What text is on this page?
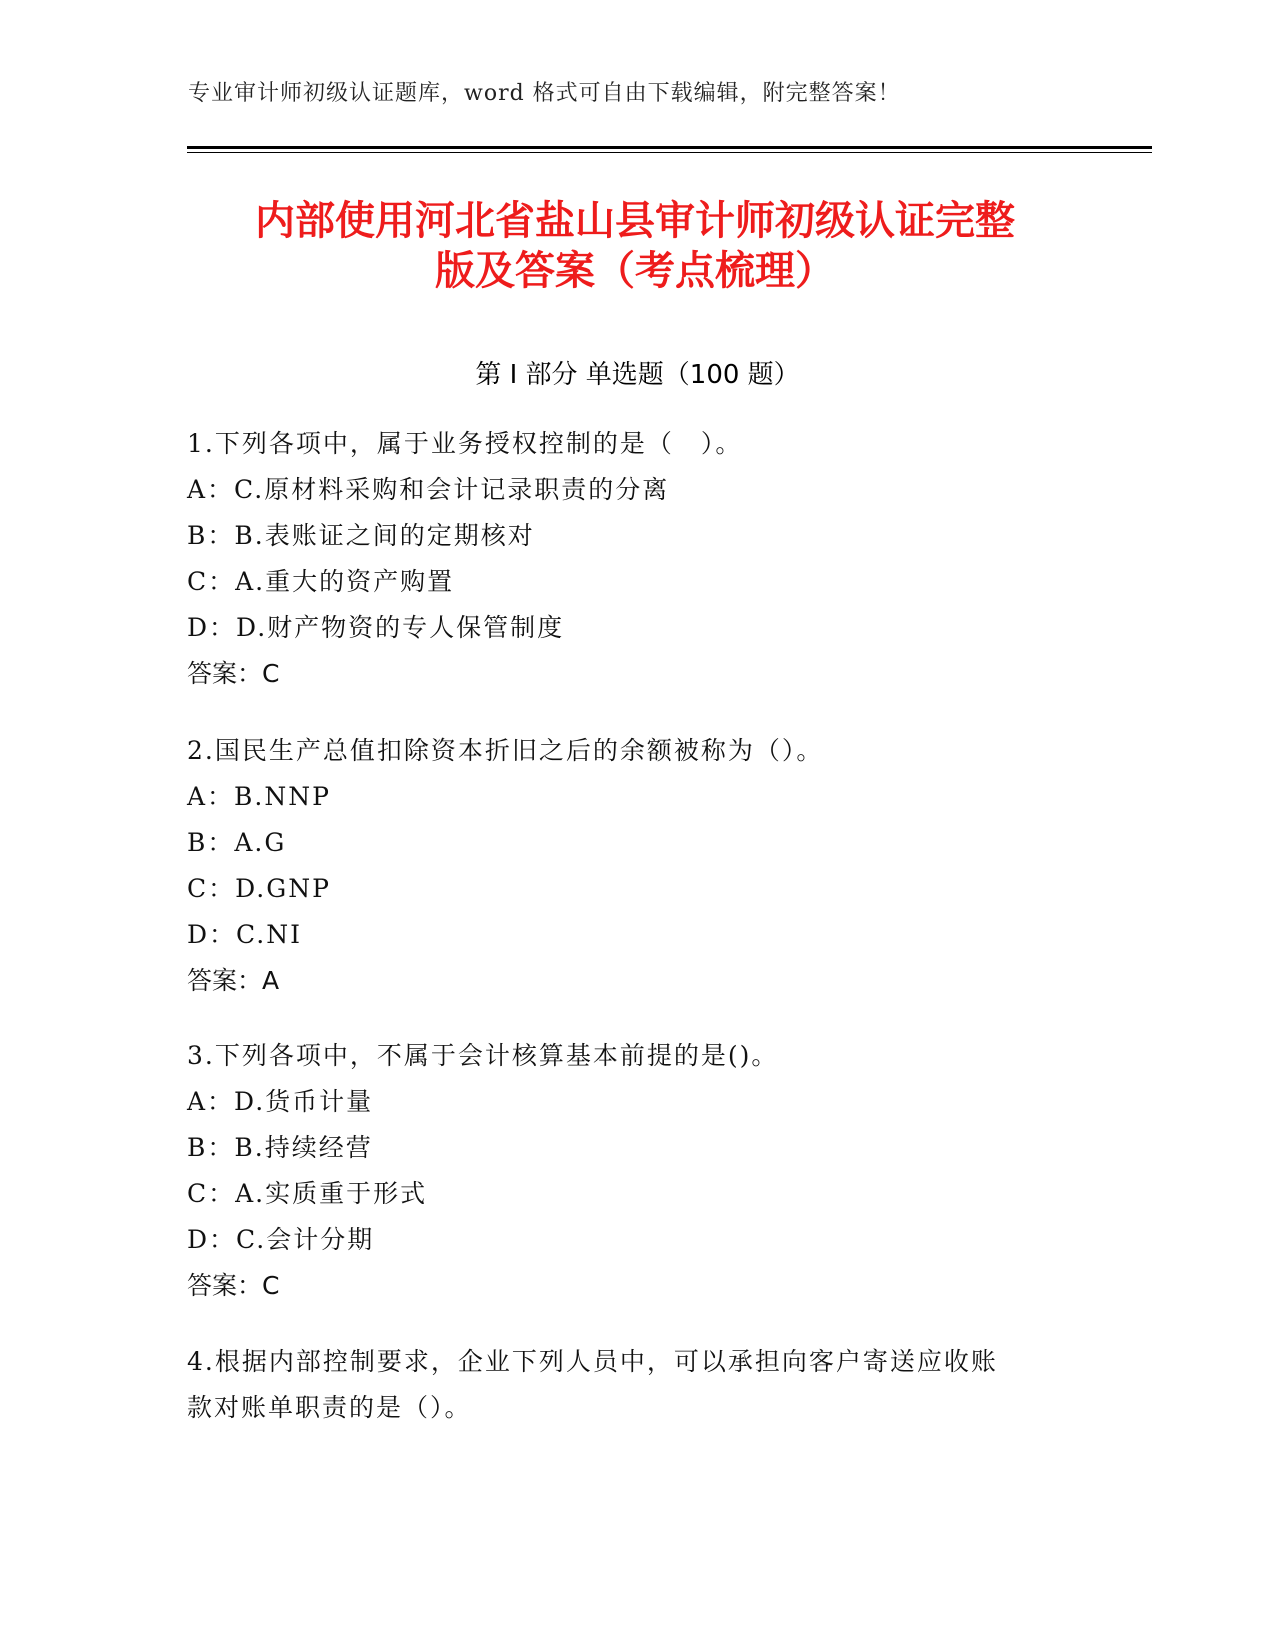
专业审计师初级认证题库，word 格式可自由下载编辑，附完整答案！
内部使用河北省盐山县审计师初级认证完整
版及答案（考点梳理）
第 I 部分 单选题（100 题）
1.下列各项中，属于业务授权控制的是（　）。
A：C.原材料采购和会计记录职责的分离
B：B.表账证之间的定期核对
C：A.重大的资产购置
D：D.财产物资的专人保管制度
答案：C
2.国民生产总值扣除资本折旧之后的余额被称为（）。
A：B.NNP
B：A.G
C：D.GNP
D：C.NI
答案：A
3.下列各项中，不属于会计核算基本前提的是()。
A：D.货币计量
B：B.持续经营
C：A.实质重于形式
D：C.会计分期
答案：C
4.根据内部控制要求，企业下列人员中，可以承担向客户寄送应收账
款对账单职责的是（）。
